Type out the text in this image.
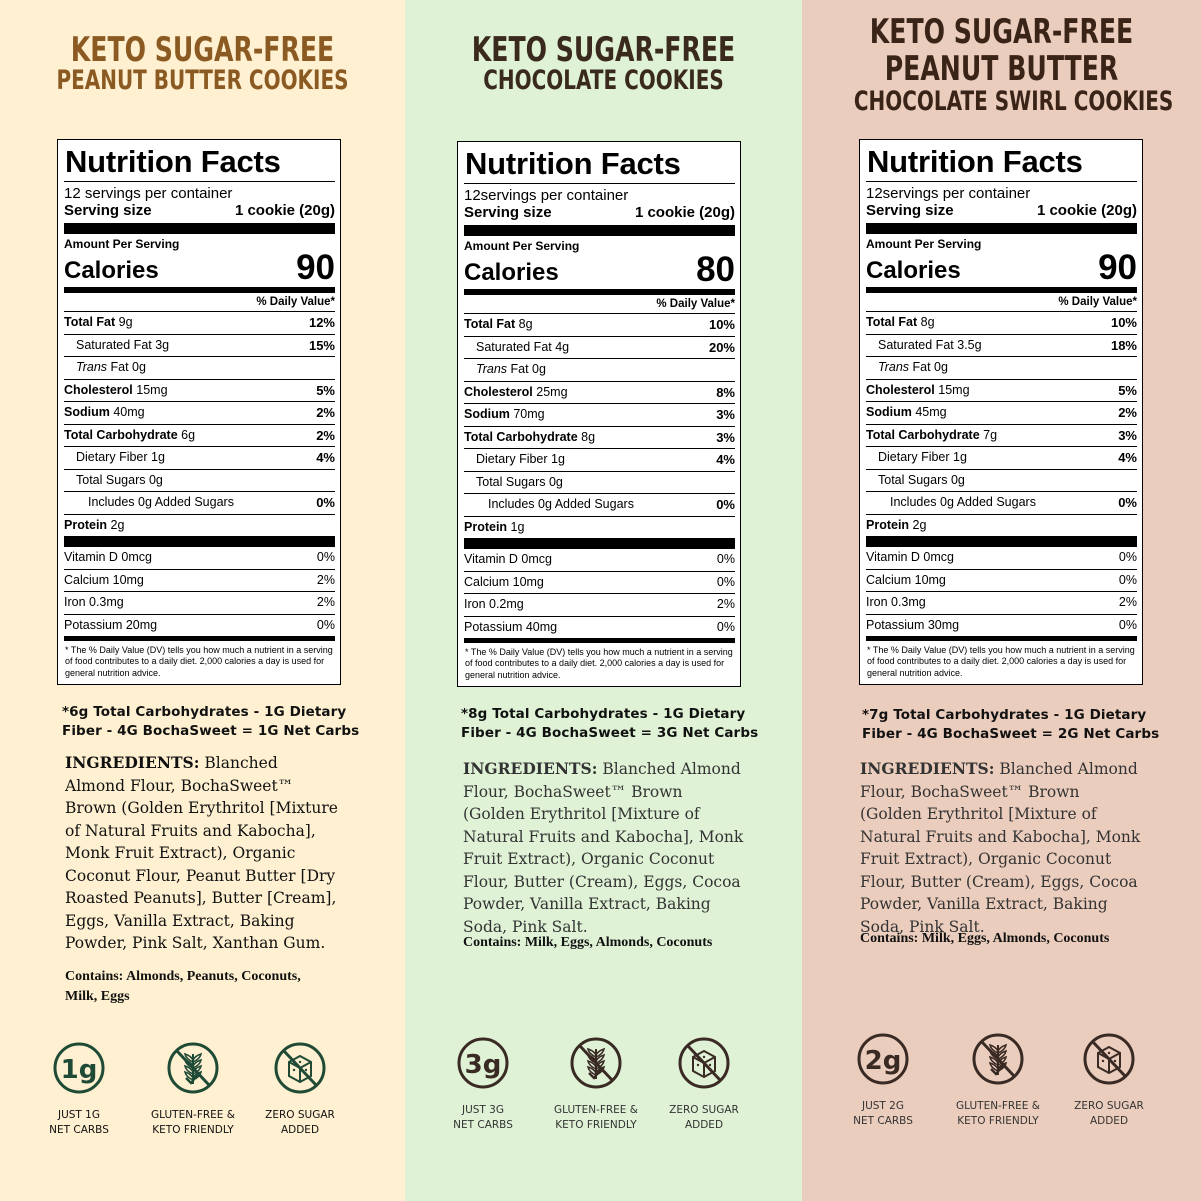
KETO SUGAR-FREE
PEANUT BUTTER COOKIES
Nutrition Facts
12 servings per container
Serving size	1 cookie (20g)
Amount Per Serving
Calories	90
% Daily Value*
Total Fat 9g	12%
Saturated Fat 3g	15%
Trans Fat 0g
Cholesterol 15mg	5%
Sodium 40mg	2%
Total Carbohydrate 6g	2%
Dietary Fiber 1g	4%
Total Sugars 0g
Includes 0g Added Sugars	0%
Protein 2g
Vitamin D 0mcg	0%
Calcium 10mg	2%
Iron 0.3mg	2%
Potassium 20mg	0%
* The % Daily Value (DV) tells you how much a nutrient in a serving of food contributes to a daily diet. 2,000 calories a day is used for general nutrition advice.
*6g Total Carbohydrates - 1G Dietary Fiber - 4G BochaSweet = 1G Net Carbs
INGREDIENTS: Blanched Almond Flour, BochaSweet™ Brown (Golden Erythritol [Mixture of Natural Fruits and Kabocha], Monk Fruit Extract), Organic Coconut Flour, Peanut Butter [Dry Roasted Peanuts], Butter [Cream], Eggs, Vanilla Extract, Baking Powder, Pink Salt, Xanthan Gum.
Contains: Almonds, Peanuts, Coconuts, Milk, Eggs
1g
JUST 1G
NET CARBS
GLUTEN-FREE &
KETO FRIENDLY
ZERO SUGAR
ADDED
KETO SUGAR-FREE
CHOCOLATE COOKIES
Nutrition Facts
12servings per container
Serving size	1 cookie (20g)
Amount Per Serving
Calories	80
% Daily Value*
Total Fat 8g	10%
Saturated Fat 4g	20%
Trans Fat 0g
Cholesterol 25mg	8%
Sodium 70mg	3%
Total Carbohydrate 8g	3%
Dietary Fiber 1g	4%
Total Sugars 0g
Includes 0g Added Sugars	0%
Protein 1g
Vitamin D 0mcg	0%
Calcium 10mg	0%
Iron 0.2mg	2%
Potassium 40mg	0%
* The % Daily Value (DV) tells you how much a nutrient in a serving of food contributes to a daily diet. 2,000 calories a day is used for general nutrition advice.
*8g Total Carbohydrates - 1G Dietary Fiber - 4G BochaSweet = 3G Net Carbs
INGREDIENTS: Blanched Almond Flour, BochaSweet™ Brown (Golden Erythritol [Mixture of Natural Fruits and Kabocha], Monk Fruit Extract), Organic Coconut Flour, Butter (Cream), Eggs, Cocoa Powder, Vanilla Extract, Baking Soda, Pink Salt.
Contains: Milk, Eggs, Almonds, Coconuts
3g
JUST 3G
NET CARBS
GLUTEN-FREE &
KETO FRIENDLY
ZERO SUGAR
ADDED
KETO SUGAR-FREE
PEANUT BUTTER
CHOCOLATE SWIRL COOKIES
Nutrition Facts
12servings per container
Serving size	1 cookie (20g)
Amount Per Serving
Calories	90
% Daily Value*
Total Fat 8g	10%
Saturated Fat 3.5g	18%
Trans Fat 0g
Cholesterol 15mg	5%
Sodium 45mg	2%
Total Carbohydrate 7g	3%
Dietary Fiber 1g	4%
Total Sugars 0g
Includes 0g Added Sugars	0%
Protein 2g
Vitamin D 0mcg	0%
Calcium 10mg	0%
Iron 0.3mg	2%
Potassium 30mg	0%
* The % Daily Value (DV) tells you how much a nutrient in a serving of food contributes to a daily diet. 2,000 calories a day is used for general nutrition advice.
*7g Total Carbohydrates - 1G Dietary Fiber - 4G BochaSweet = 2G Net Carbs
INGREDIENTS: Blanched Almond Flour, BochaSweet™ Brown (Golden Erythritol [Mixture of Natural Fruits and Kabocha], Monk Fruit Extract), Organic Coconut Flour, Butter (Cream), Eggs, Cocoa Powder, Vanilla Extract, Baking Soda, Pink Salt.
Contains: Milk, Eggs, Almonds, Coconuts
2g
JUST 2G
NET CARBS
GLUTEN-FREE &
KETO FRIENDLY
ZERO SUGAR
ADDED
